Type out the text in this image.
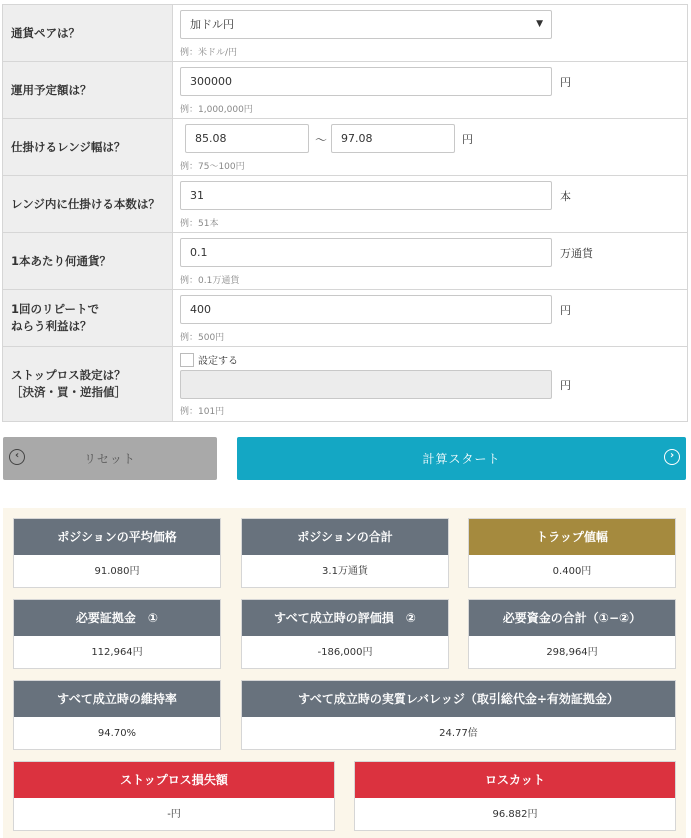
通貨ペアは？
加ドル円	▼
例：米ドル/円
運用予定額は？
300000	円
例：1,000,000円
仕掛けるレンジ幅は？
85.08	〜	97.08	円
例：75〜100円
レンジ内に仕掛ける本数は？
31	本
例：51本
1本あたり何通貨？
0.1	万通貨
例：0.1万通貨
1回のリピートで
ねらう利益は？
400	円
例：500円
ストップロス設定は？
［決済・買・逆指値］
設定する
円
例：101円
‹	リセット	計算スタート	›
ポジションの平均価格
91.080円
ポジションの合計
3.1万通貨
トラップ値幅
0.400円
必要証拠金　①
112,964円
すべて成立時の評価損　②
-186,000円
必要資金の合計（①−②）
298,964円
すべて成立時の維持率
94.70%
すべて成立時の実質レバレッジ（取引総代金÷有効証拠金）
24.77倍
ストップロス損失額
-円
ロスカット
96.882円
